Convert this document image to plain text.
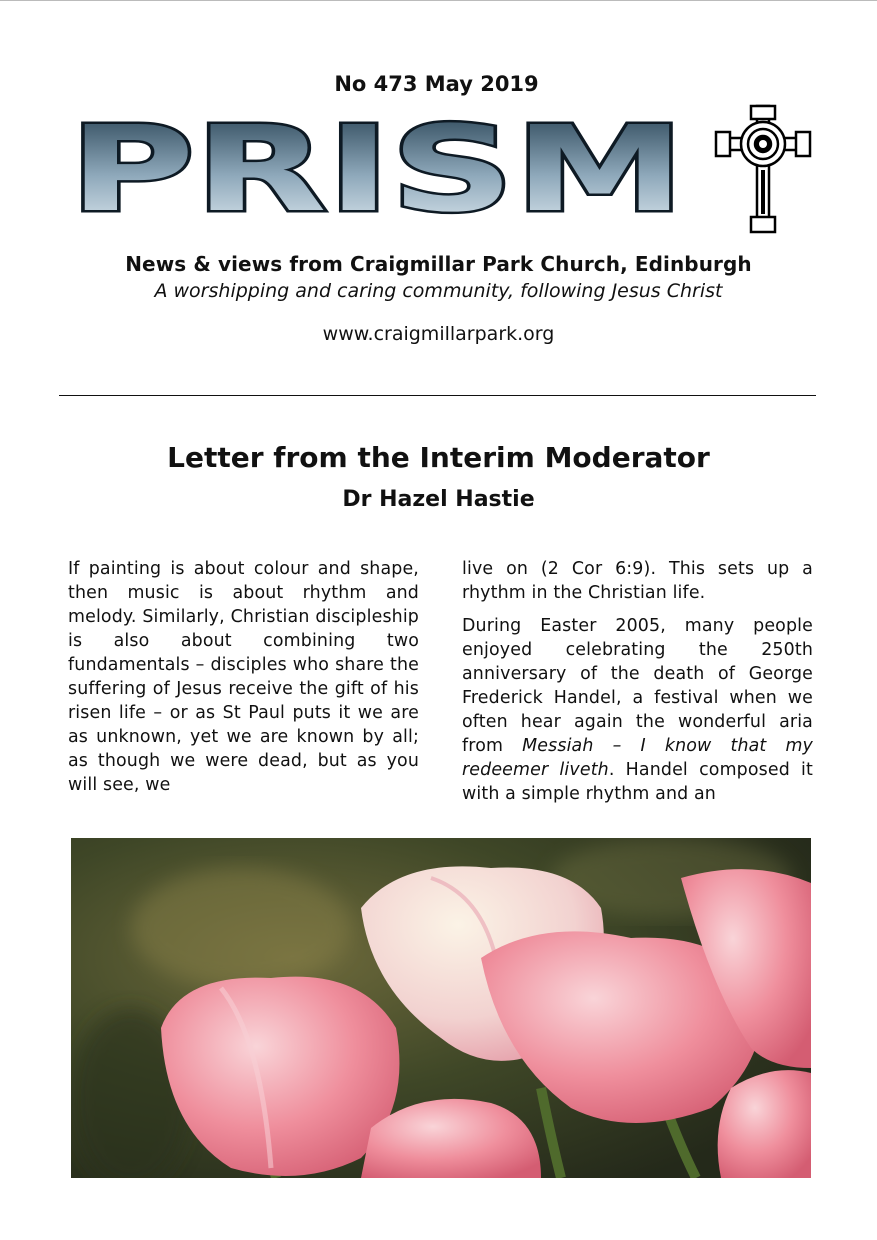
No 473 May 2019
PRISM
News & views from Craigmillar Park Church, Edinburgh
A worshipping and caring community, following Jesus Christ
www.craigmillarpark.org
Letter from the Interim Moderator
Dr Hazel Hastie

If painting is about colour and shape, then music is about rhythm and melody. Similarly, Christian discipleship is also about combining two fundamentals – disciples who share the suffering of Jesus receive the gift of his risen life – or as St Paul puts it we are as unknown, yet we are known by all; as though we were dead, but as you will see, we

live on (2 Cor 6:9). This sets up a rhythm in the Christian life.

During Easter 2005, many people enjoyed celebrating the 250th anniversary of the death of George Frederick Handel, a festival when we often hear again the wonderful aria from Messiah – I know that my redeemer liveth. Handel composed it with a simple rhythm and an
